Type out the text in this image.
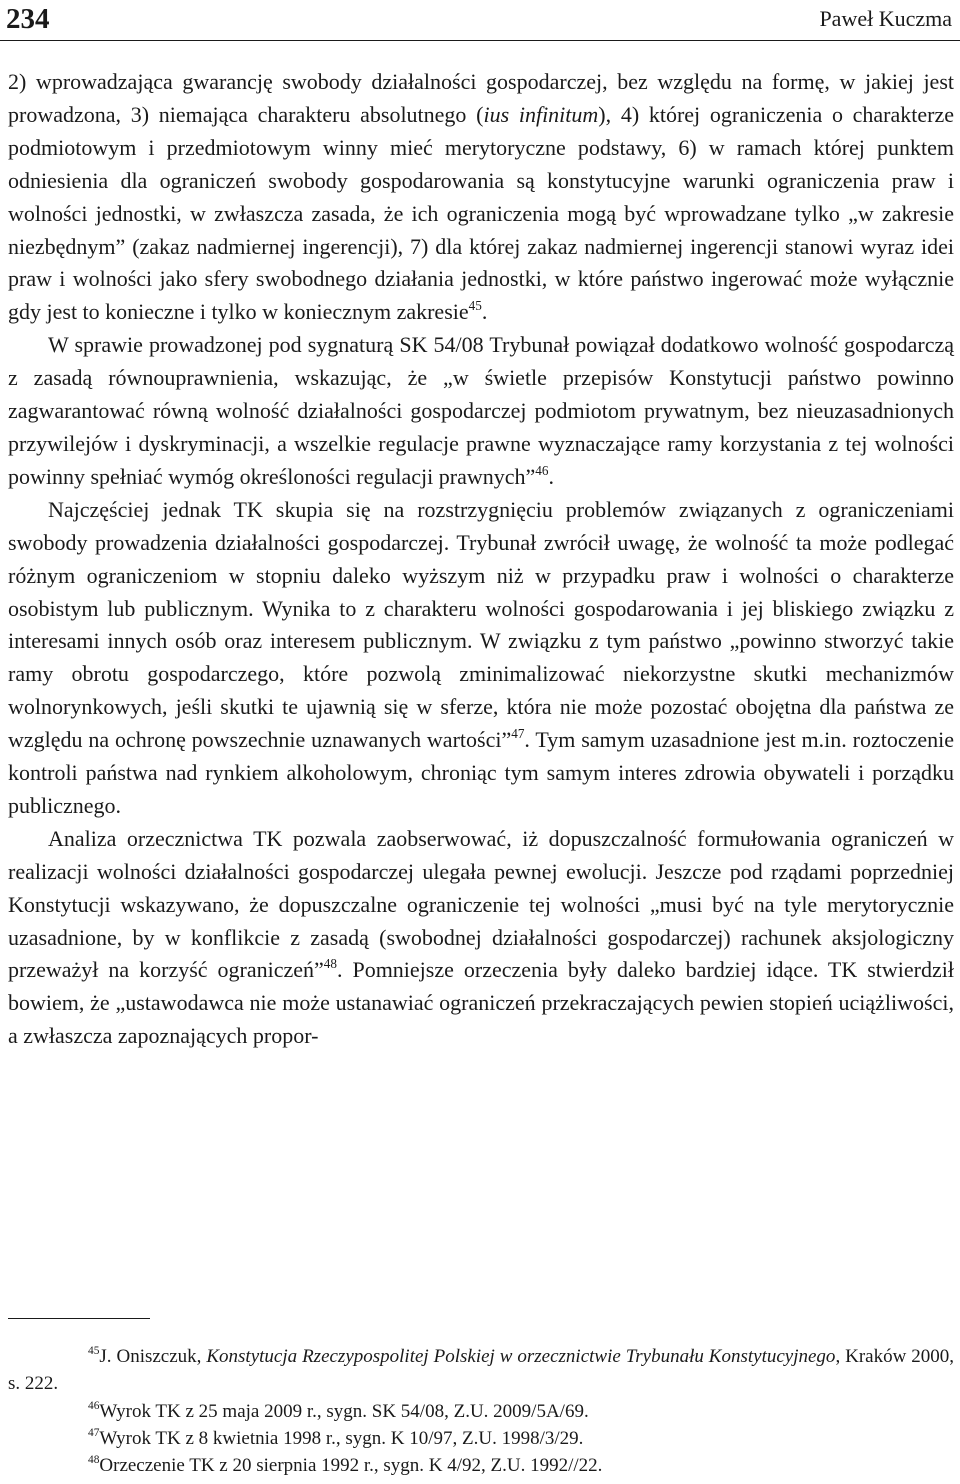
234	Paweł Kuczma

2) wprowadzająca gwarancję swobody działalności gospodarczej, bez względu na formę, w jakiej jest prowadzona, 3) niemająca charakteru absolutnego (ius infinitum), 4) której ograniczenia o charakterze podmiotowym i przedmiotowym winny mieć merytoryczne podstawy, 6) w ramach której punktem odniesienia dla ograniczeń swobody gospodarowania są konstytucyjne warunki ograniczenia praw i wolności jednostki, w zwłaszcza zasada, że ich ograniczenia mogą być wprowadzane tylko „w zakresie niezbędnym” (zakaz nadmiernej ingerencji), 7) dla której zakaz nadmiernej ingerencji stanowi wyraz idei praw i wolności jako sfery swobodnego działania jednostki, w które państwo ingerować może wyłącznie gdy jest to konieczne i tylko w koniecznym zakresie$^{45}$.

W sprawie prowadzonej pod sygnaturą SK 54/08 Trybunał powiązał dodatkowo wolność gospodarczą z zasadą równouprawnienia, wskazując, że „w świetle przepisów Konstytucji państwo powinno zagwarantować równą wolność działalności gospodarczej podmiotom prywatnym, bez nieuzasadnionych przywilejów i dyskryminacji, a wszelkie regulacje prawne wyznaczające ramy korzystania z tej wolności powinny spełniać wymóg określoności regulacji prawnych”$^{46}$.

Najczęściej jednak TK skupia się na rozstrzygnięciu problemów związanych z ograniczeniami swobody prowadzenia działalności gospodarczej. Trybunał zwrócił uwagę, że wolność ta może podlegać różnym ograniczeniom w stopniu daleko wyższym niż w przypadku praw i wolności o charakterze osobistym lub publicznym. Wynika to z charakteru wolności gospodarowania i jej bliskiego związku z interesami innych osób oraz interesem publicznym. W związku z tym państwo „powinno stworzyć takie ramy obrotu gospodarczego, które pozwolą zminimalizować niekorzystne skutki mechanizmów wolnorynkowych, jeśli skutki te ujawnią się w sferze, która nie może pozostać obojętna dla państwa ze względu na ochronę powszechnie uznawanych wartości”$^{47}$. Tym samym uzasadnione jest m.in. roztoczenie kontroli państwa nad rynkiem alkoholowym, chroniąc tym samym interes zdrowia obywateli i porządku publicznego.

Analiza orzecznictwa TK pozwala zaobserwować, iż dopuszczalność formułowania ograniczeń w realizacji wolności działalności gospodarczej ulegała pewnej ewolucji. Jeszcze pod rządami poprzedniej Konstytucji wskazywano, że dopuszczalne ograniczenie tej wolności „musi być na tyle merytorycznie uzasadnione, by w konflikcie z zasadą (swobodnej działalności gospodarczej) rachunek aksjologiczny przeważył na korzyść ograniczeń”$^{48}$. Pomniejsze orzeczenia były daleko bardziej idące. TK stwierdził bowiem, że „ustawodawca nie może ustanawiać ograniczeń przekraczających pewien stopień uciążliwości, a zwłaszcza zapoznających propor-

$^{45}$J. Oniszczuk, Konstytucja Rzeczypospolitej Polskiej w orzecznictwie Trybunału Konstytucyjnego, Kraków 2000, s. 222.

$^{46}$Wyrok TK z 25 maja 2009 r., sygn. SK 54/08, Z.U. 2009/5A/69.

$^{47}$Wyrok TK z 8 kwietnia 1998 r., sygn. K 10/97, Z.U. 1998/3/29.

$^{48}$Orzeczenie TK z 20 sierpnia 1992 r., sygn. K 4/92, Z.U. 1992//22.
